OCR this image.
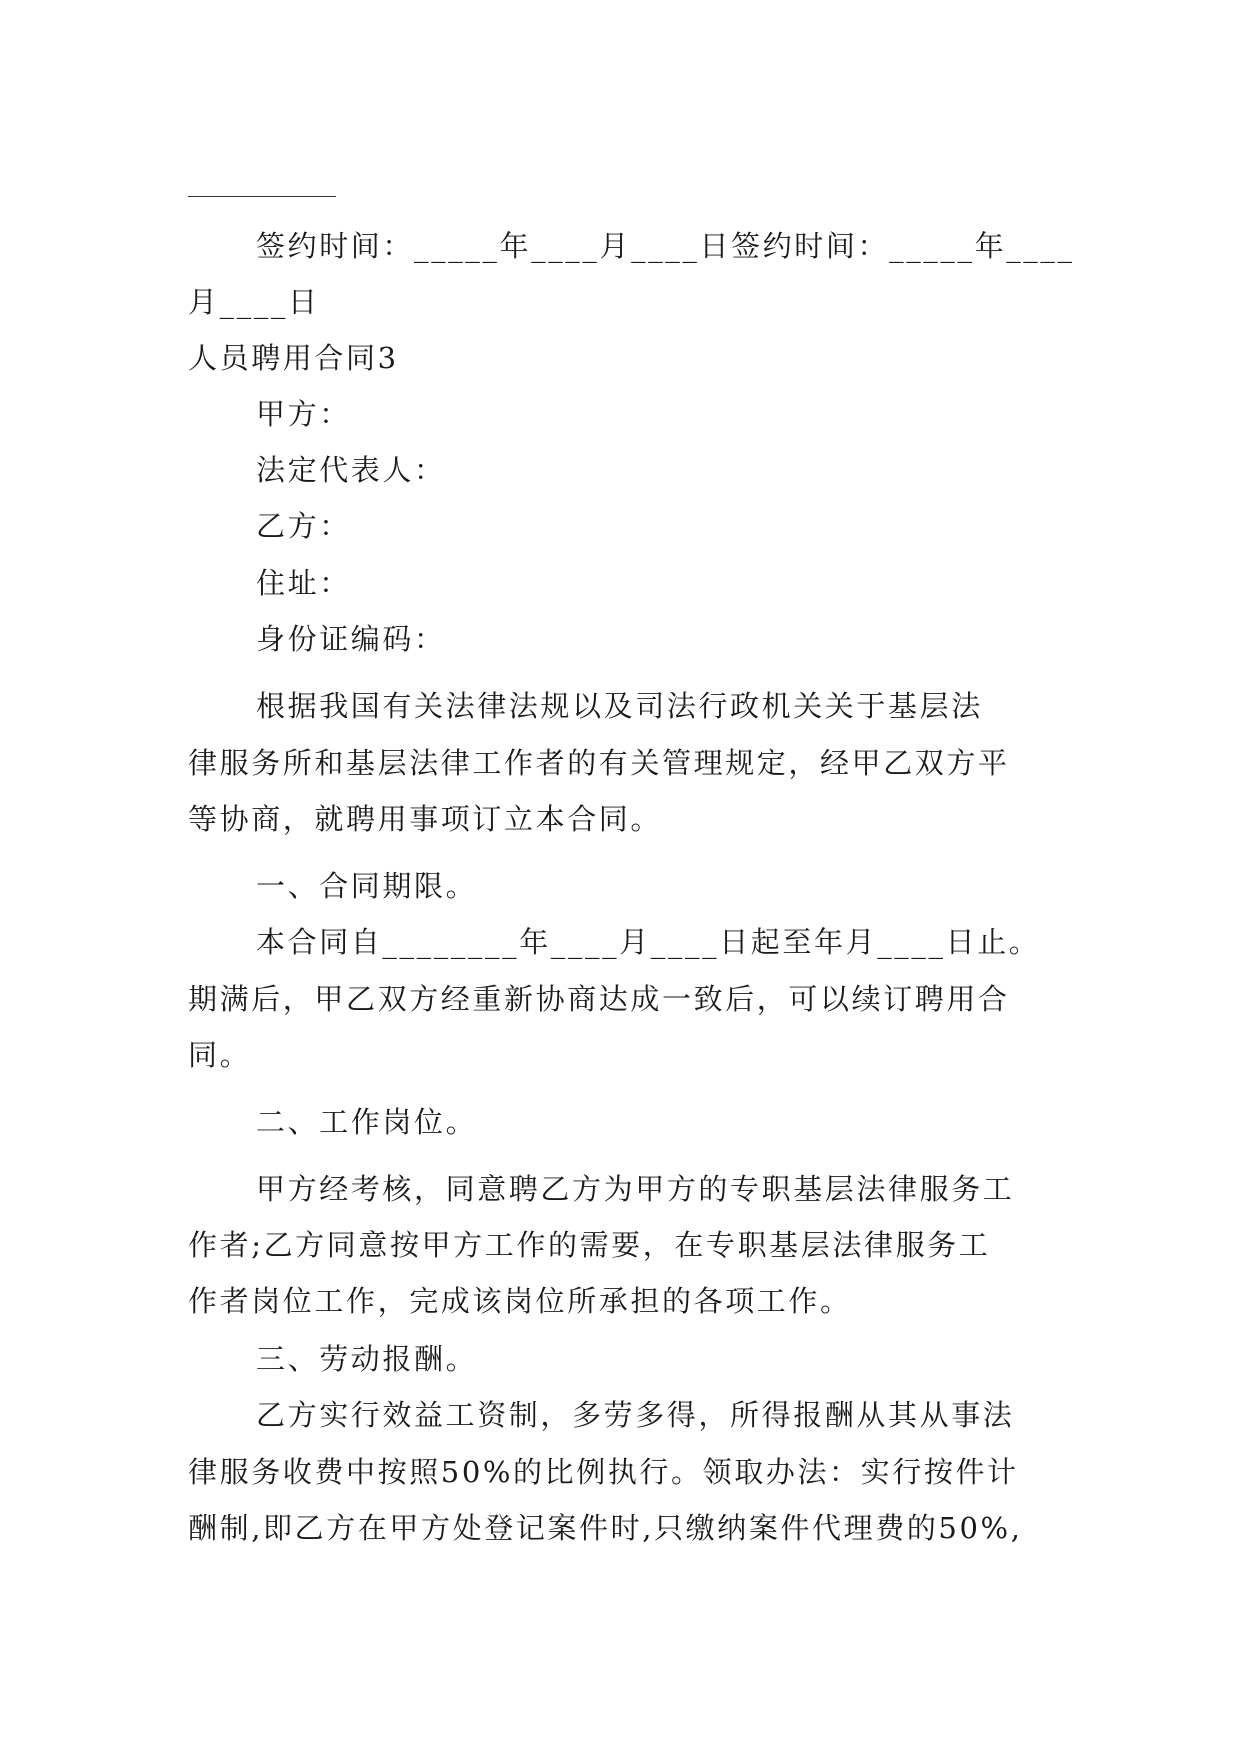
签约时间：_____年____月____日签约时间：_____年____
月____日
人员聘用合同3
甲方：
法定代表人：
乙方：
住址：
身份证编码：
根据我国有关法律法规以及司法行政机关关于基层法
律服务所和基层法律工作者的有关管理规定，经甲乙双方平
等协商，就聘用事项订立本合同。
一、合同期限。
本合同自________年____月____日起至年月____日止。
期满后，甲乙双方经重新协商达成一致后，可以续订聘用合
同。
二、工作岗位。
甲方经考核，同意聘乙方为甲方的专职基层法律服务工
作者;乙方同意按甲方工作的需要，在专职基层法律服务工
作者岗位工作，完成该岗位所承担的各项工作。
三、劳动报酬。
乙方实行效益工资制，多劳多得，所得报酬从其从事法
律服务收费中按照50%的比例执行。领取办法：实行按件计
酬制,即乙方在甲方处登记案件时,只缴纳案件代理费的50%,
